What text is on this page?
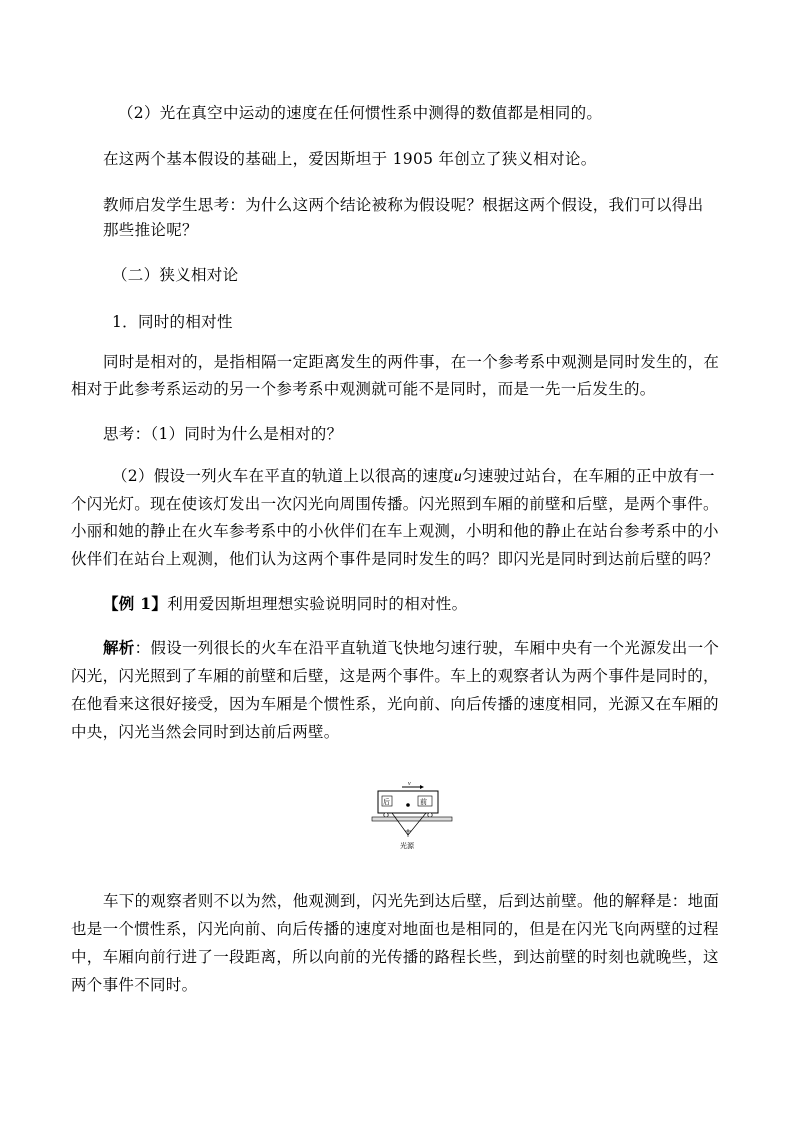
（2）光在真空中运动的速度在任何惯性系中测得的数值都是相同的。

在这两个基本假设的基础上，爱因斯坦于 1905 年创立了狭义相对论。

教师启发学生思考：为什么这两个结论被称为假设呢？根据这两个假设，我们可以得出

那些推论呢？

（二）狭义相对论

1．同时的相对性

同时是相对的，是指相隔一定距离发生的两件事，在一个参考系中观测是同时发生的，在

相对于此参考系运动的另一个参考系中观测就可能不是同时，而是一先一后发生的。

思考：（1）同时为什么是相对的？

（2）假设一列火车在平直的轨道上以很高的速度u匀速驶过站台，在车厢的正中放有一

个闪光灯。现在使该灯发出一次闪光向周围传播。闪光照到车厢的前壁和后壁，是两个事件。

小丽和她的静止在火车参考系中的小伙伴们在车上观测，小明和他的静止在站台参考系中的小

伙伴们在站台上观测，他们认为这两个事件是同时发生的吗？即闪光是同时到达前后壁的吗？

【例 1】利用爱因斯坦理想实验说明同时的相对性。

解析：假设一列很长的火车在沿平直轨道飞快地匀速行驶，车厢中央有一个光源发出一个

闪光，闪光照到了车厢的前壁和后壁，这是两个事件。车上的观察者认为两个事件是同时的，

在他看来这很好接受，因为车厢是个惯性系，光向前、向后传播的速度相同，光源又在车厢的

中央，闪光当然会同时到达前后两壁。

v
后	前
光源

车下的观察者则不以为然，他观测到，闪光先到达后壁，后到达前壁。他的解释是：地面

也是一个惯性系，闪光向前、向后传播的速度对地面也是相同的，但是在闪光飞向两壁的过程

中，车厢向前行进了一段距离，所以向前的光传播的路程长些，到达前壁的时刻也就晚些，这

两个事件不同时。
